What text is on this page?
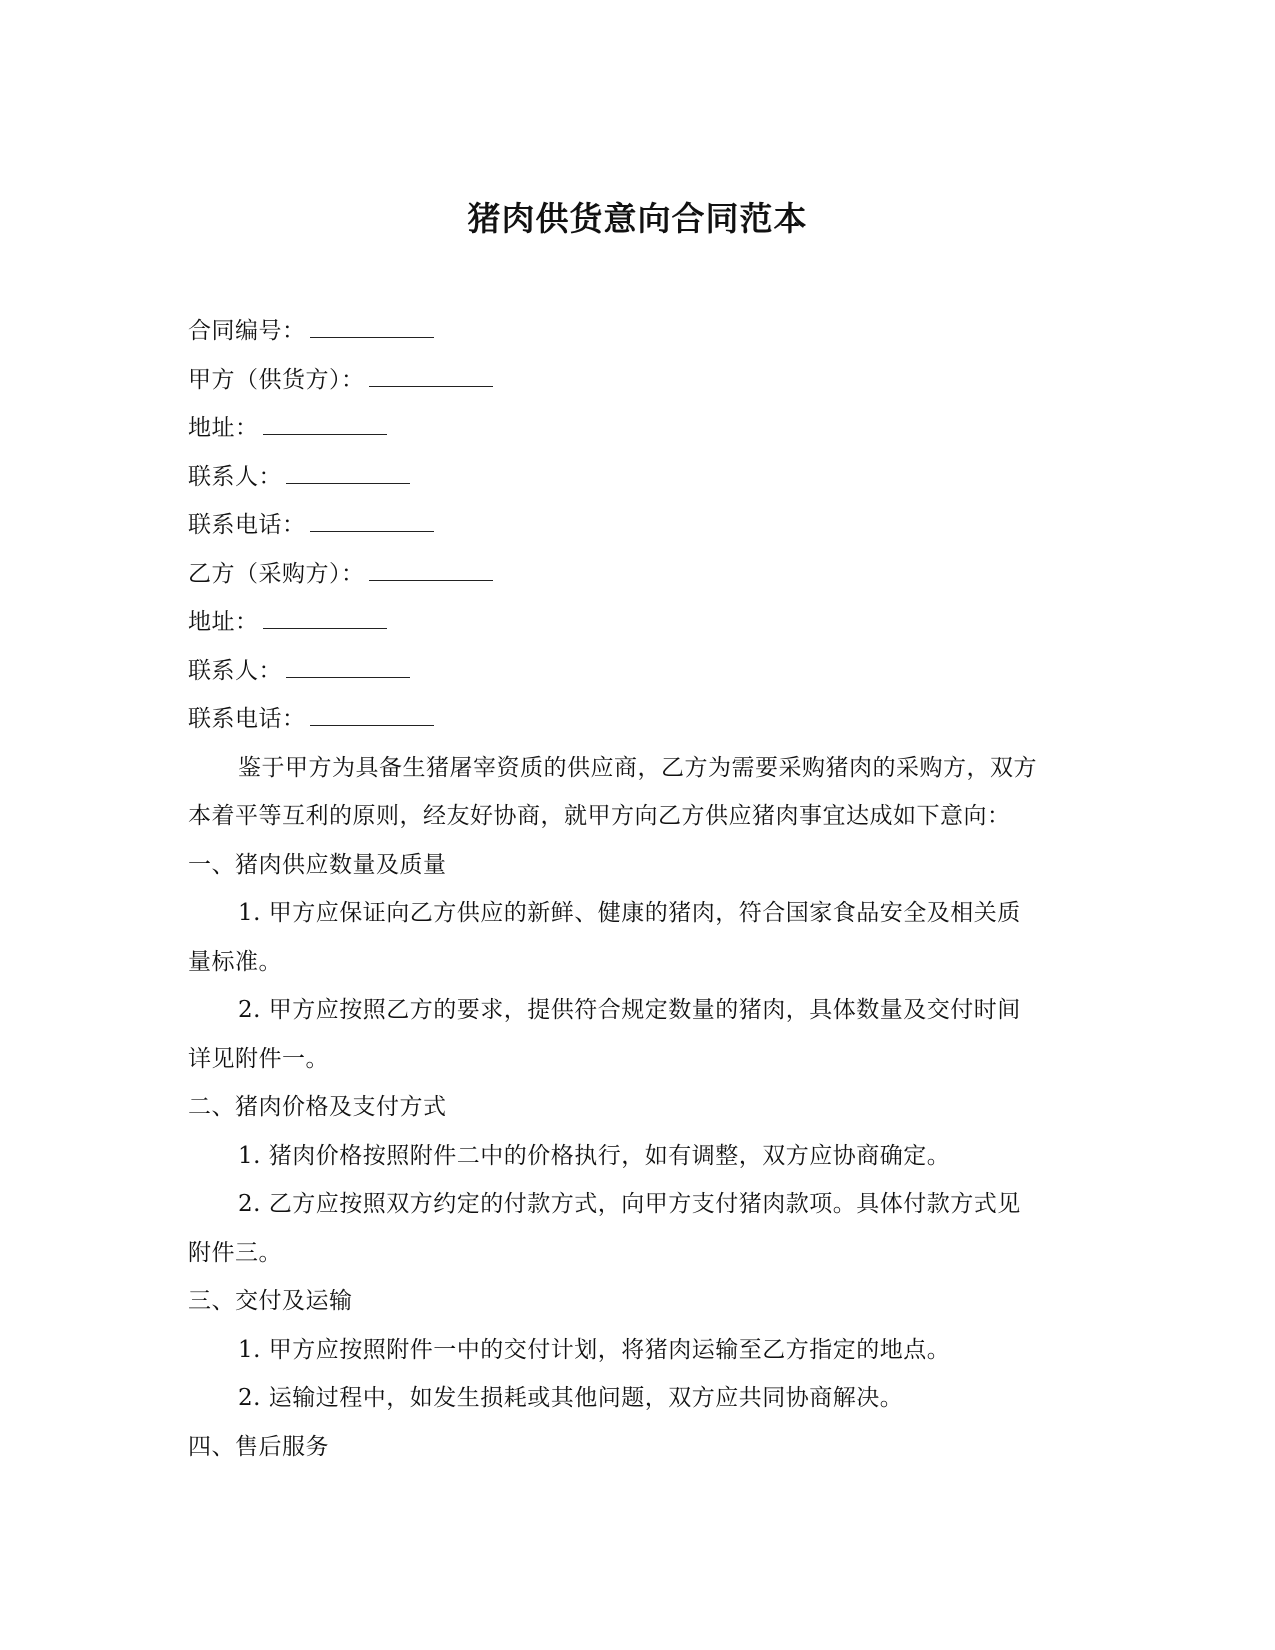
猪肉供货意向合同范本
合同编号：
甲方（供货方）：
地址：
联系人：
联系电话：
乙方（采购方）：
地址：
联系人：
联系电话：
鉴于甲方为具备生猪屠宰资质的供应商，乙方为需要采购猪肉的采购方，双方
本着平等互利的原则，经友好协商，就甲方向乙方供应猪肉事宜达成如下意向：
一、猪肉供应数量及质量
1. 甲方应保证向乙方供应的新鲜、健康的猪肉，符合国家食品安全及相关质
量标准。
2. 甲方应按照乙方的要求，提供符合规定数量的猪肉，具体数量及交付时间
详见附件一。
二、猪肉价格及支付方式
1. 猪肉价格按照附件二中的价格执行，如有调整，双方应协商确定。
2. 乙方应按照双方约定的付款方式，向甲方支付猪肉款项。具体付款方式见
附件三。
三、交付及运输
1. 甲方应按照附件一中的交付计划，将猪肉运输至乙方指定的地点。
2. 运输过程中，如发生损耗或其他问题，双方应共同协商解决。
四、售后服务
